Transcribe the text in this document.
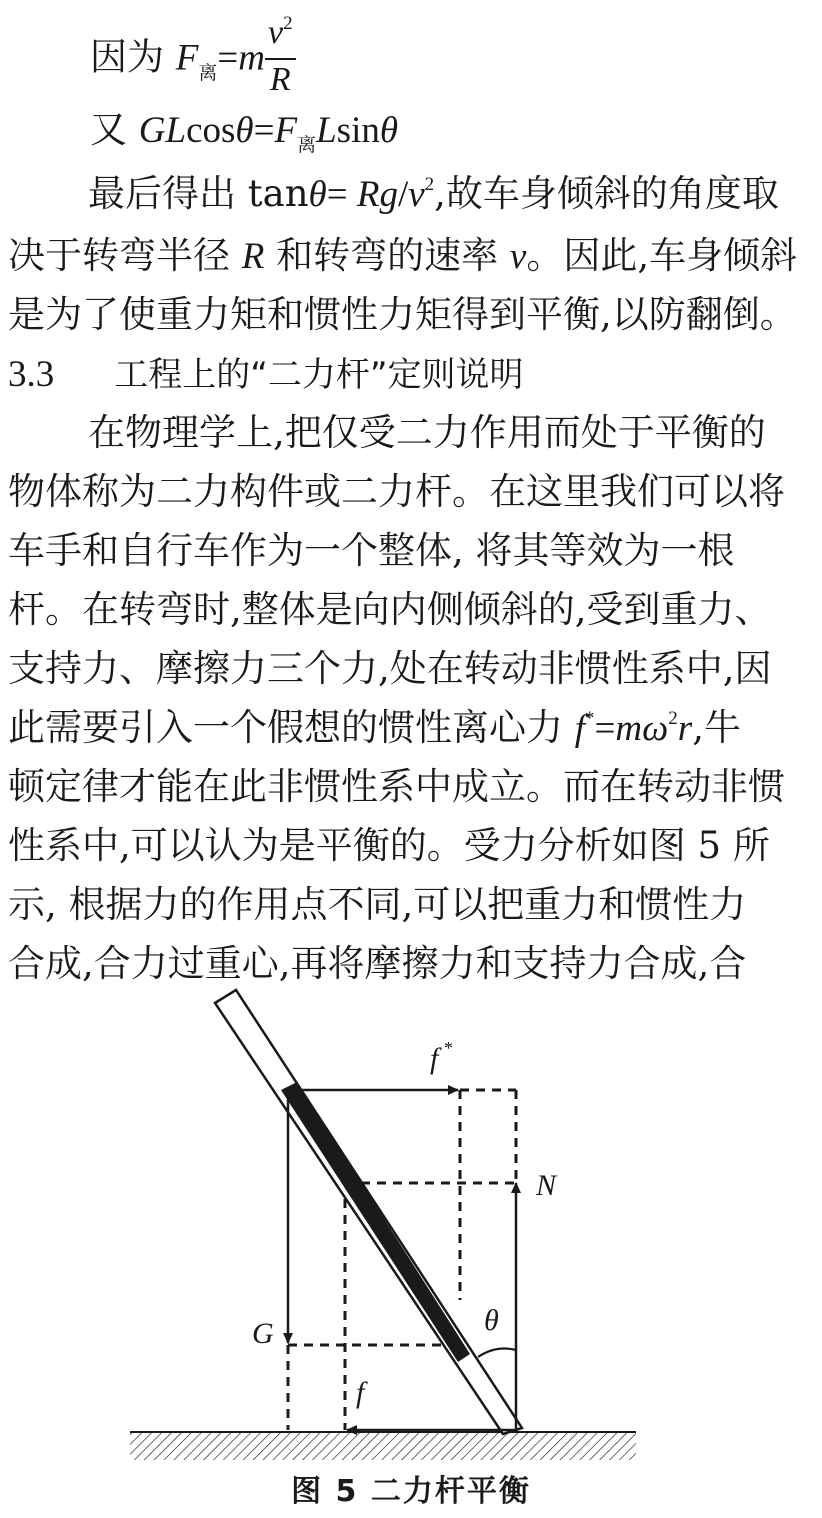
因为 $F_离=m \frac{v^2}{R}$
又 $GLcos\theta=F_离Lsin\theta$
最后得出 $\tan\theta= Rg/v^2$,故车身倾斜的角度取
决于转弯半径 R 和转弯的速率 v。因此,车身倾斜
是为了使重力矩和惯性力矩得到平衡,以防翻倒。
3.3 工程上的“二力杆”定则说明
在物理学上,把仅受二力作用而处于平衡的
物体称为二力构件或二力杆。在这里我们可以将
车手和自行车作为一个整体, 将其等效为一根
杆。在转弯时,整体是向内侧倾斜的,受到重力、
支持力、摩擦力三个力,处在转动非惯性系中,因
此需要引入一个假想的惯性离心力 $f^*=m\omega^2r$,牛
顿定律才能在此非惯性系中成立。而在转动非惯
性系中,可以认为是平衡的。受力分析如图 5 所
示, 根据力的作用点不同,可以把重力和惯性力
合成,合力过重心,再将摩擦力和支持力合成,合
f *
N
θ
G
f
图 5 二力杆平衡
